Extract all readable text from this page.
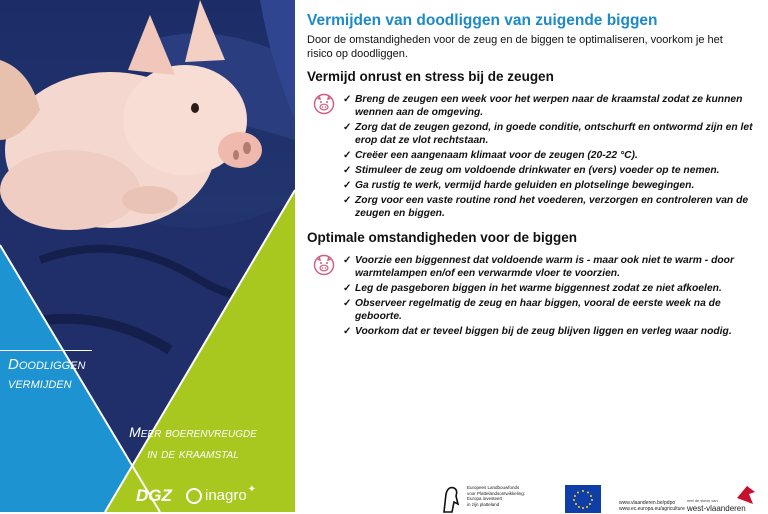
Doodliggen
vermijden
Meer boerenvreugde
in de kraamstal
DGZ inagro ✦
Vermijden van doodliggen van zuigende biggen
Door de omstandigheden voor de zeug en de biggen te optimaliseren, voorkom je het risico op doodliggen.
Vermijd onrust en stress bij de zeugen
✓ Breng de zeugen een week voor het werpen naar de kraamstal zodat ze kunnen wennen aan de omgeving.
✓ Zorg dat de zeugen gezond, in goede conditie, ontschurft en ontwormd zijn en let erop dat ze vlot rechtstaan.
✓ Creëer een aangenaam klimaat voor de zeugen (20-22 °C).
✓ Stimuleer de zeug om voldoende drinkwater en (vers) voeder op te nemen.
✓ Ga rustig te werk, vermijd harde geluiden en plotselinge bewegingen.
✓ Zorg voor een vaste routine rond het voederen, verzorgen en controleren van de zeugen en biggen.
Optimale omstandigheden voor de biggen
✓ Voorzie een biggennest dat voldoende warm is - maar ook niet te warm - door warmtelampen en/of een verwarmde vloer te voorzien.
✓ Leg de pasgeboren biggen in het warme biggennest zodat ze niet afkoelen.
✓ Observeer regelmatig de zeug en haar biggen, vooral de eerste week na de geboorte.
✓ Voorkom dat er teveel biggen bij de zeug blijven liggen en verleg waar nodig.
Europees Landbouwfonds
voor Plattelandsontwikkeling:
Europa investeert
in zijn platteland	www.vlaanderen.be/pdpo
www.ec.europa.eu/agriculture
met de steun van
west-vlaanderen
